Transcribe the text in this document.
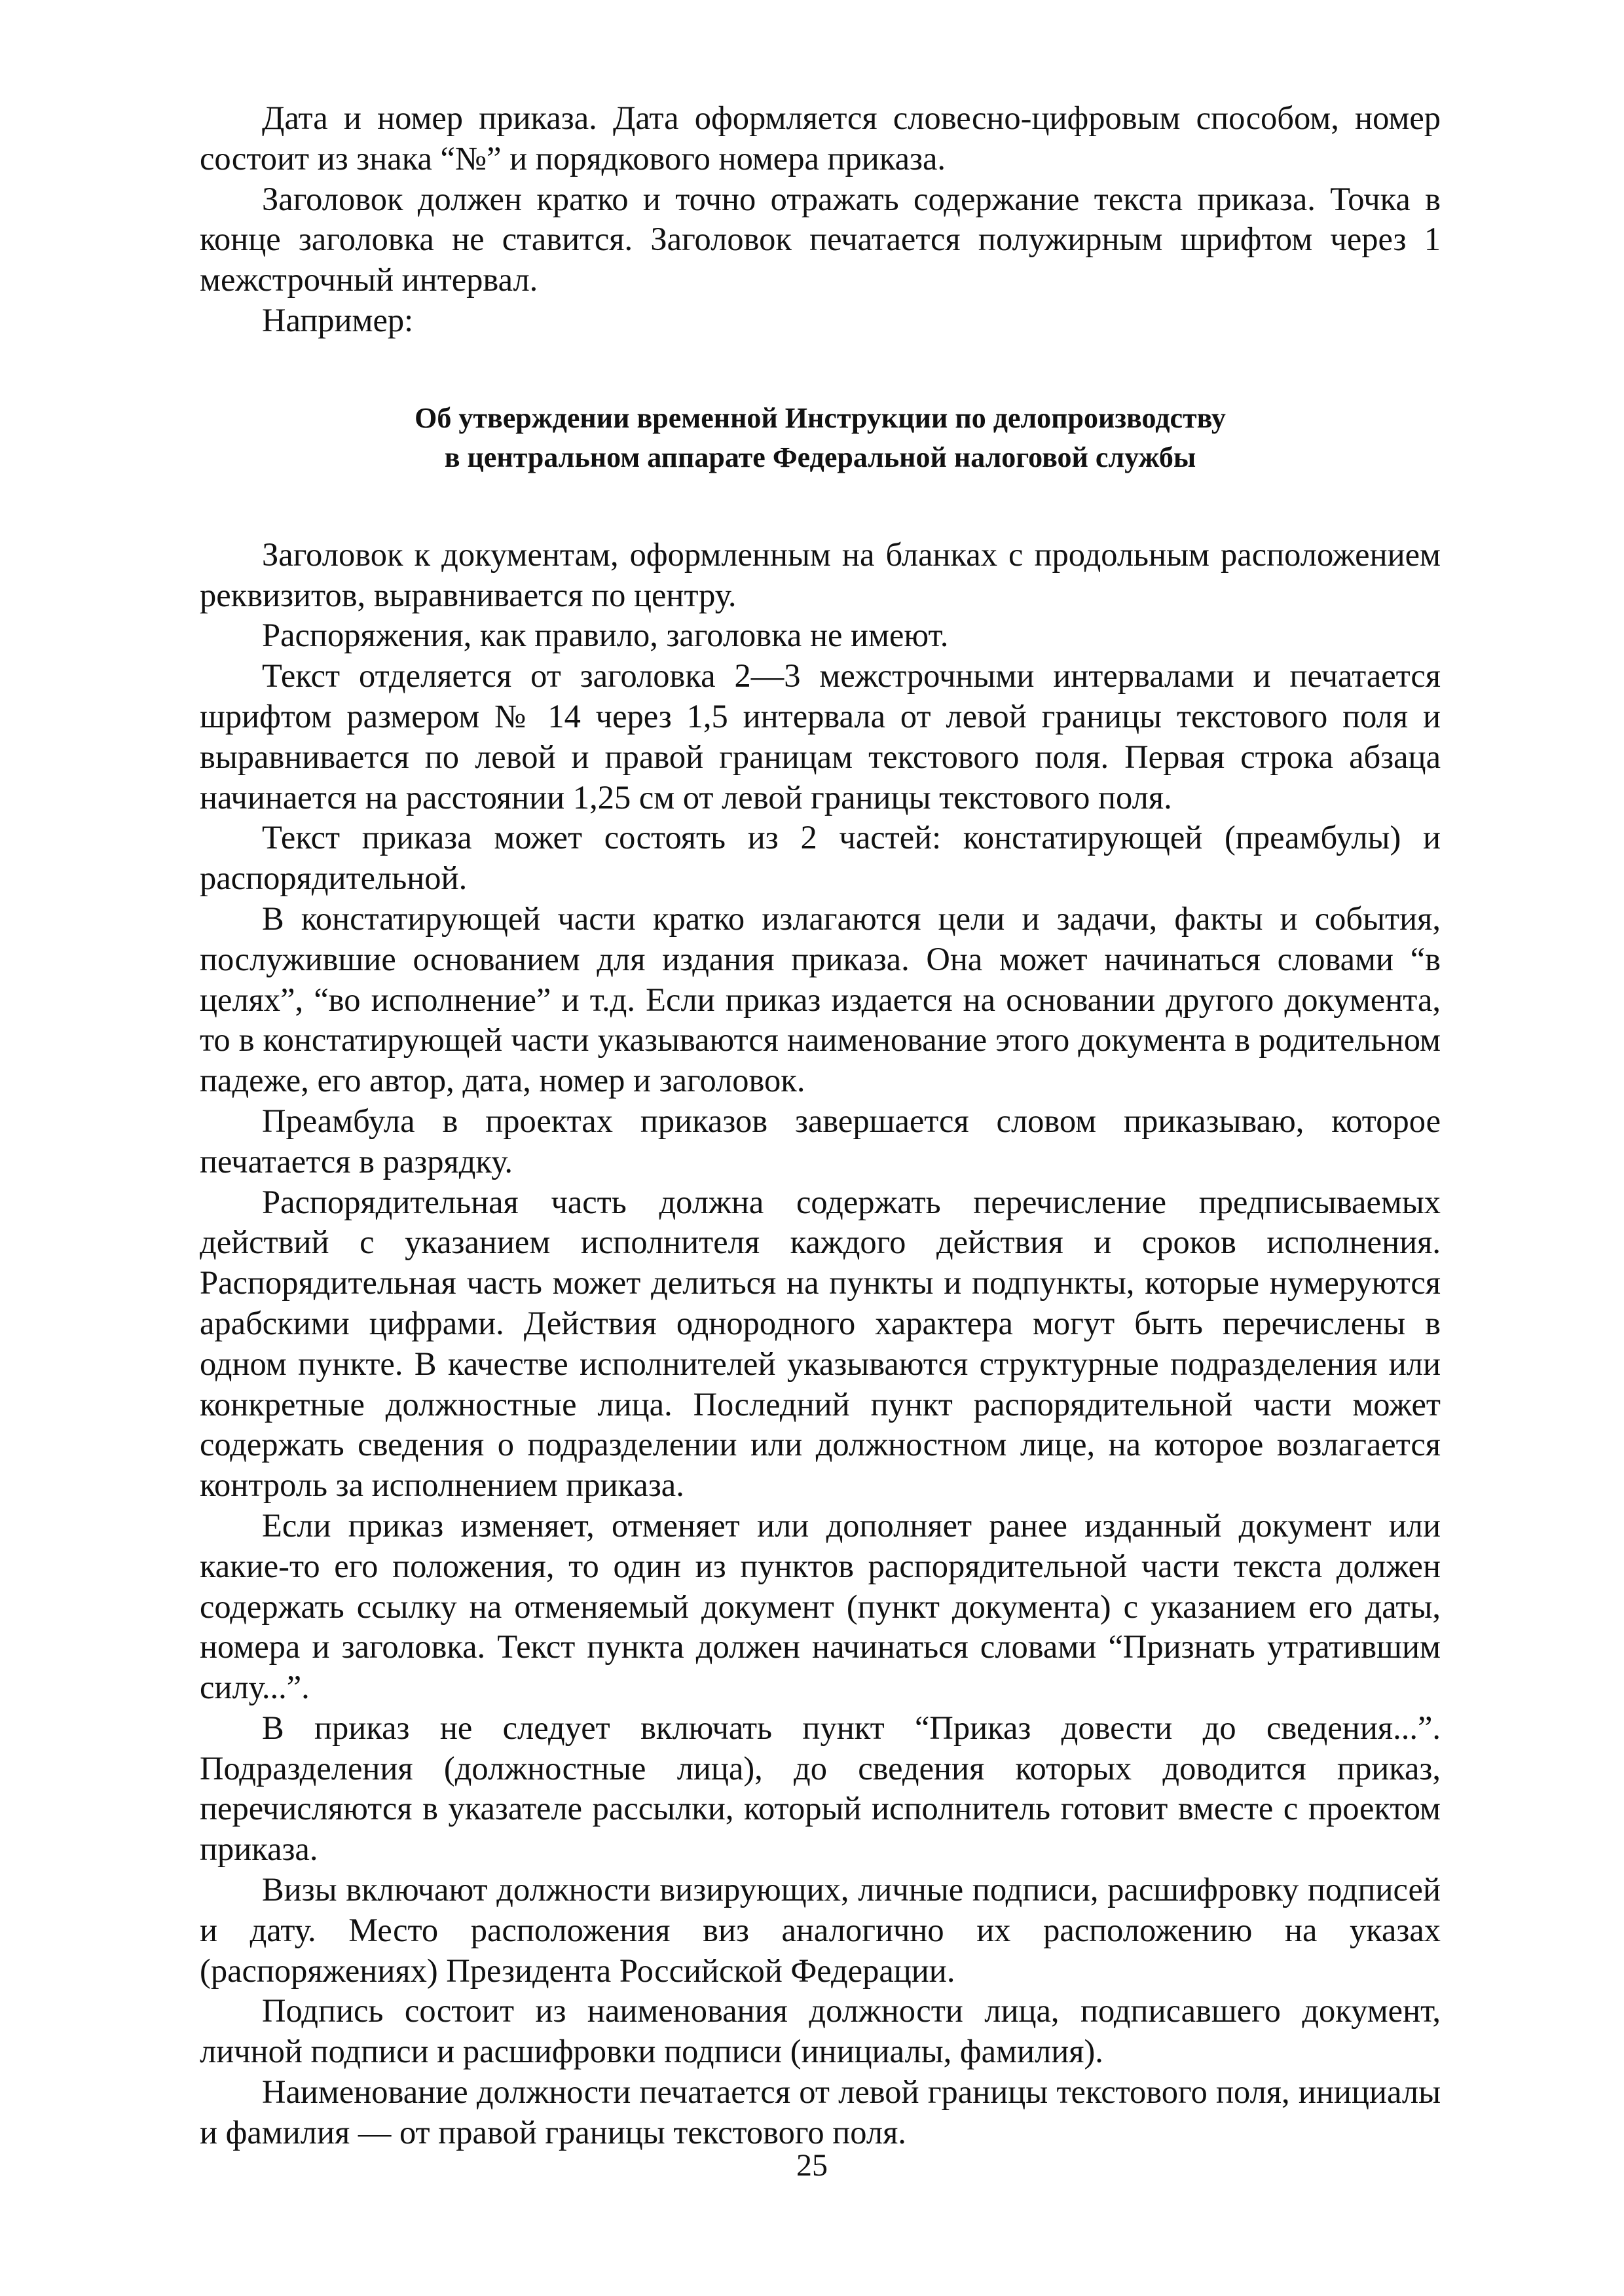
Дата и номер приказа. Дата оформляется словесно-цифровым способом, номер состоит из знака “№” и порядкового номера приказа.

Заголовок должен кратко и точно отражать содержание текста приказа. Точка в конце заголовка не ставится. Заголовок печатается полужирным шрифтом через 1 межстрочный интервал.

Например:

Об утверждении временной Инструкции по делопроизводству

в центральном аппарате Федеральной налоговой службы

Заголовок к документам, оформленным на бланках с продольным расположением реквизитов, выравнивается по центру.

Распоряжения, как правило, заголовка не имеют.

Текст отделяется от заголовка 2—3 межстрочными интервалами и печатается шрифтом размером № 14 через 1,5 интервала от левой границы текстового поля и выравнивается по левой и правой границам текстового поля. Первая строка абзаца начинается на расстоянии 1,25 см от левой границы текстового поля.

Текст приказа может состоять из 2 частей: констатирующей (преамбулы) и распорядительной.

В констатирующей части кратко излагаются цели и задачи, факты и события, послужившие основанием для издания приказа. Она может начинаться словами “в целях”, “во исполнение” и т.д. Если приказ издается на основании другого документа, то в констатирующей части указываются наименование этого документа в родительном падеже, его автор, дата, номер и заголовок.

Преамбула в проектах приказов завершается словом приказываю, которое печатается в разрядку.

Распорядительная часть должна содержать перечисление предписываемых действий с указанием исполнителя каждого действия и сроков исполнения. Распорядительная часть может делиться на пункты и подпункты, которые нумеруются арабскими цифрами. Действия однородного характера могут быть перечислены в одном пункте. В качестве исполнителей указываются структурные подразделения или конкретные должностные лица. Последний пункт распорядительной части может содержать сведения о подразделении или должностном лице, на которое возлагается контроль за исполнением приказа.

Если приказ изменяет, отменяет или дополняет ранее изданный документ или какие-то его положения, то один из пунктов распорядительной части текста должен содержать ссылку на отменяемый документ (пункт документа) с указанием его даты, номера и заголовка. Текст пункта должен начинаться словами “Признать утратившим силу...”.

В приказ не следует включать пункт “Приказ довести до сведения...”. Подразделения (должностные лица), до сведения которых доводится приказ, перечисляются в указателе рассылки, который исполнитель готовит вместе с проектом приказа.

Визы включают должности визирующих, личные подписи, расшифровку подписей и дату. Место расположения виз аналогично их расположению на указах (распоряжениях) Президента Российской Федерации.

Подпись состоит из наименования должности лица, подписавшего документ, личной подписи и расшифровки подписи (инициалы, фамилия).

Наименование должности печатается от левой границы текстового поля, инициалы и фамилия — от правой границы текстового поля.

25
